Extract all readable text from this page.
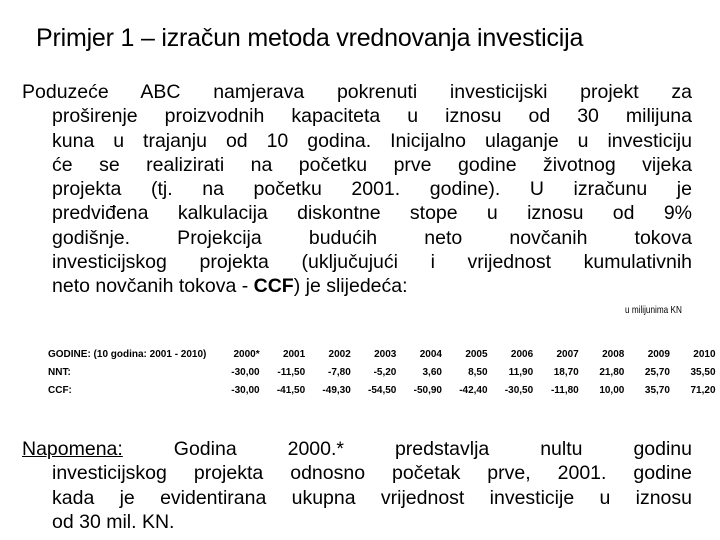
Primjer 1 – izračun metoda vrednovanja investicija
Poduzeće ABC namjerava pokrenuti investicijski projekt za
proširenje proizvodnih kapaciteta u iznosu od 30 milijuna
kuna u trajanju od 10 godina. Inicijalno ulaganje u investiciju
će se realizirati na početku prve godine životnog vijeka
projekta (tj. na početku 2001. godine). U izračunu je
predviđena kalkulacija diskontne stope u iznosu od 9%
godišnje. Projekcija budućih neto novčanih tokova
investicijskog projekta (uključujući i vrijednost kumulativnih
neto novčanih tokova - CCF) je slijedeća:
u milijunima KN
GODINE: (10 godina: 2001 - 2010)	2000*	2001	2002	2003	2004	2005	2006	2007	2008	2009	2010
NNT:	-30,00	-11,50	-7,80	-5,20	3,60	8,50	11,90	18,70	21,80	25,70	35,50
CCF:	-30,00	-41,50	-49,30	-54,50	-50,90	-42,40	-30,50	-11,80	10,00	35,70	71,20
Napomena: Godina 2000.* predstavlja nultu godinu
investicijskog projekta odnosno početak prve, 2001. godine
kada je evidentirana ukupna vrijednost investicije u iznosu
od 30 mil. KN.
